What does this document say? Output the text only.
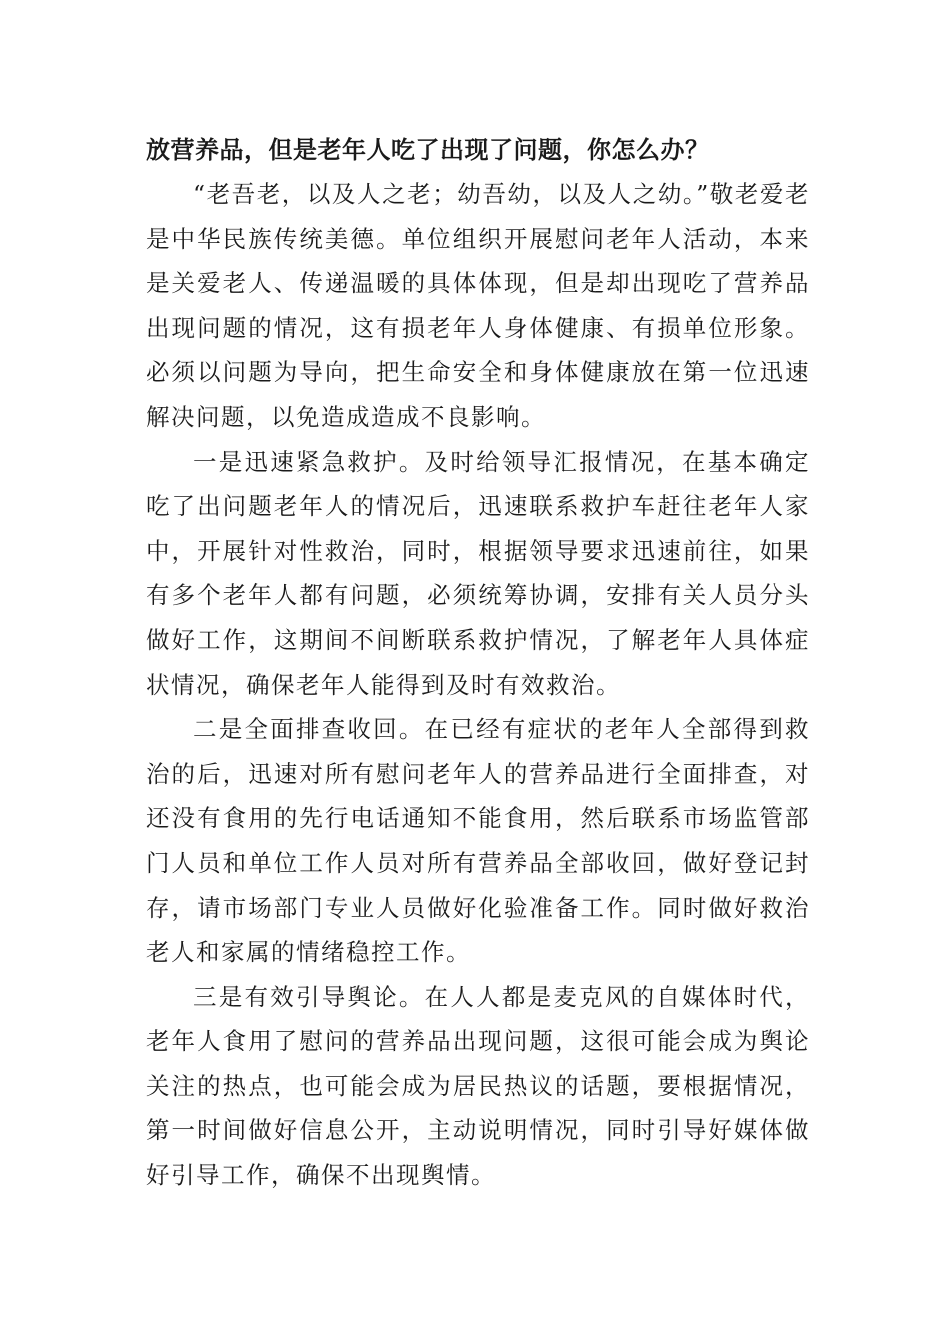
放营养品，但是老年人吃了出现了问题，你怎么办？

“老吾老，以及人之老；幼吾幼，以及人之幼。”敬老爱老是中华民族传统美德。单位组织开展慰问老年人活动，本来是关爱老人、传递温暖的具体体现，但是却出现吃了营养品出现问题的情况，这有损老年人身体健康、有损单位形象。必须以问题为导向，把生命安全和身体健康放在第一位迅速解决问题，以免造成造成不良影响。

一是迅速紧急救护。及时给领导汇报情况，在基本确定吃了出问题老年人的情况后，迅速联系救护车赶往老年人家中，开展针对性救治，同时，根据领导要求迅速前往，如果有多个老年人都有问题，必须统筹协调，安排有关人员分头做好工作，这期间不间断联系救护情况，了解老年人具体症状情况，确保老年人能得到及时有效救治。

二是全面排查收回。在已经有症状的老年人全部得到救治的后，迅速对所有慰问老年人的营养品进行全面排查，对还没有食用的先行电话通知不能食用，然后联系市场监管部门人员和单位工作人员对所有营养品全部收回，做好登记封存，请市场部门专业人员做好化验准备工作。同时做好救治老人和家属的情绪稳控工作。

三是有效引导舆论。在人人都是麦克风的自媒体时代，老年人食用了慰问的营养品出现问题，这很可能会成为舆论关注的热点，也可能会成为居民热议的话题，要根据情况，第一时间做好信息公开，主动说明情况，同时引导好媒体做好引导工作，确保不出现舆情。
